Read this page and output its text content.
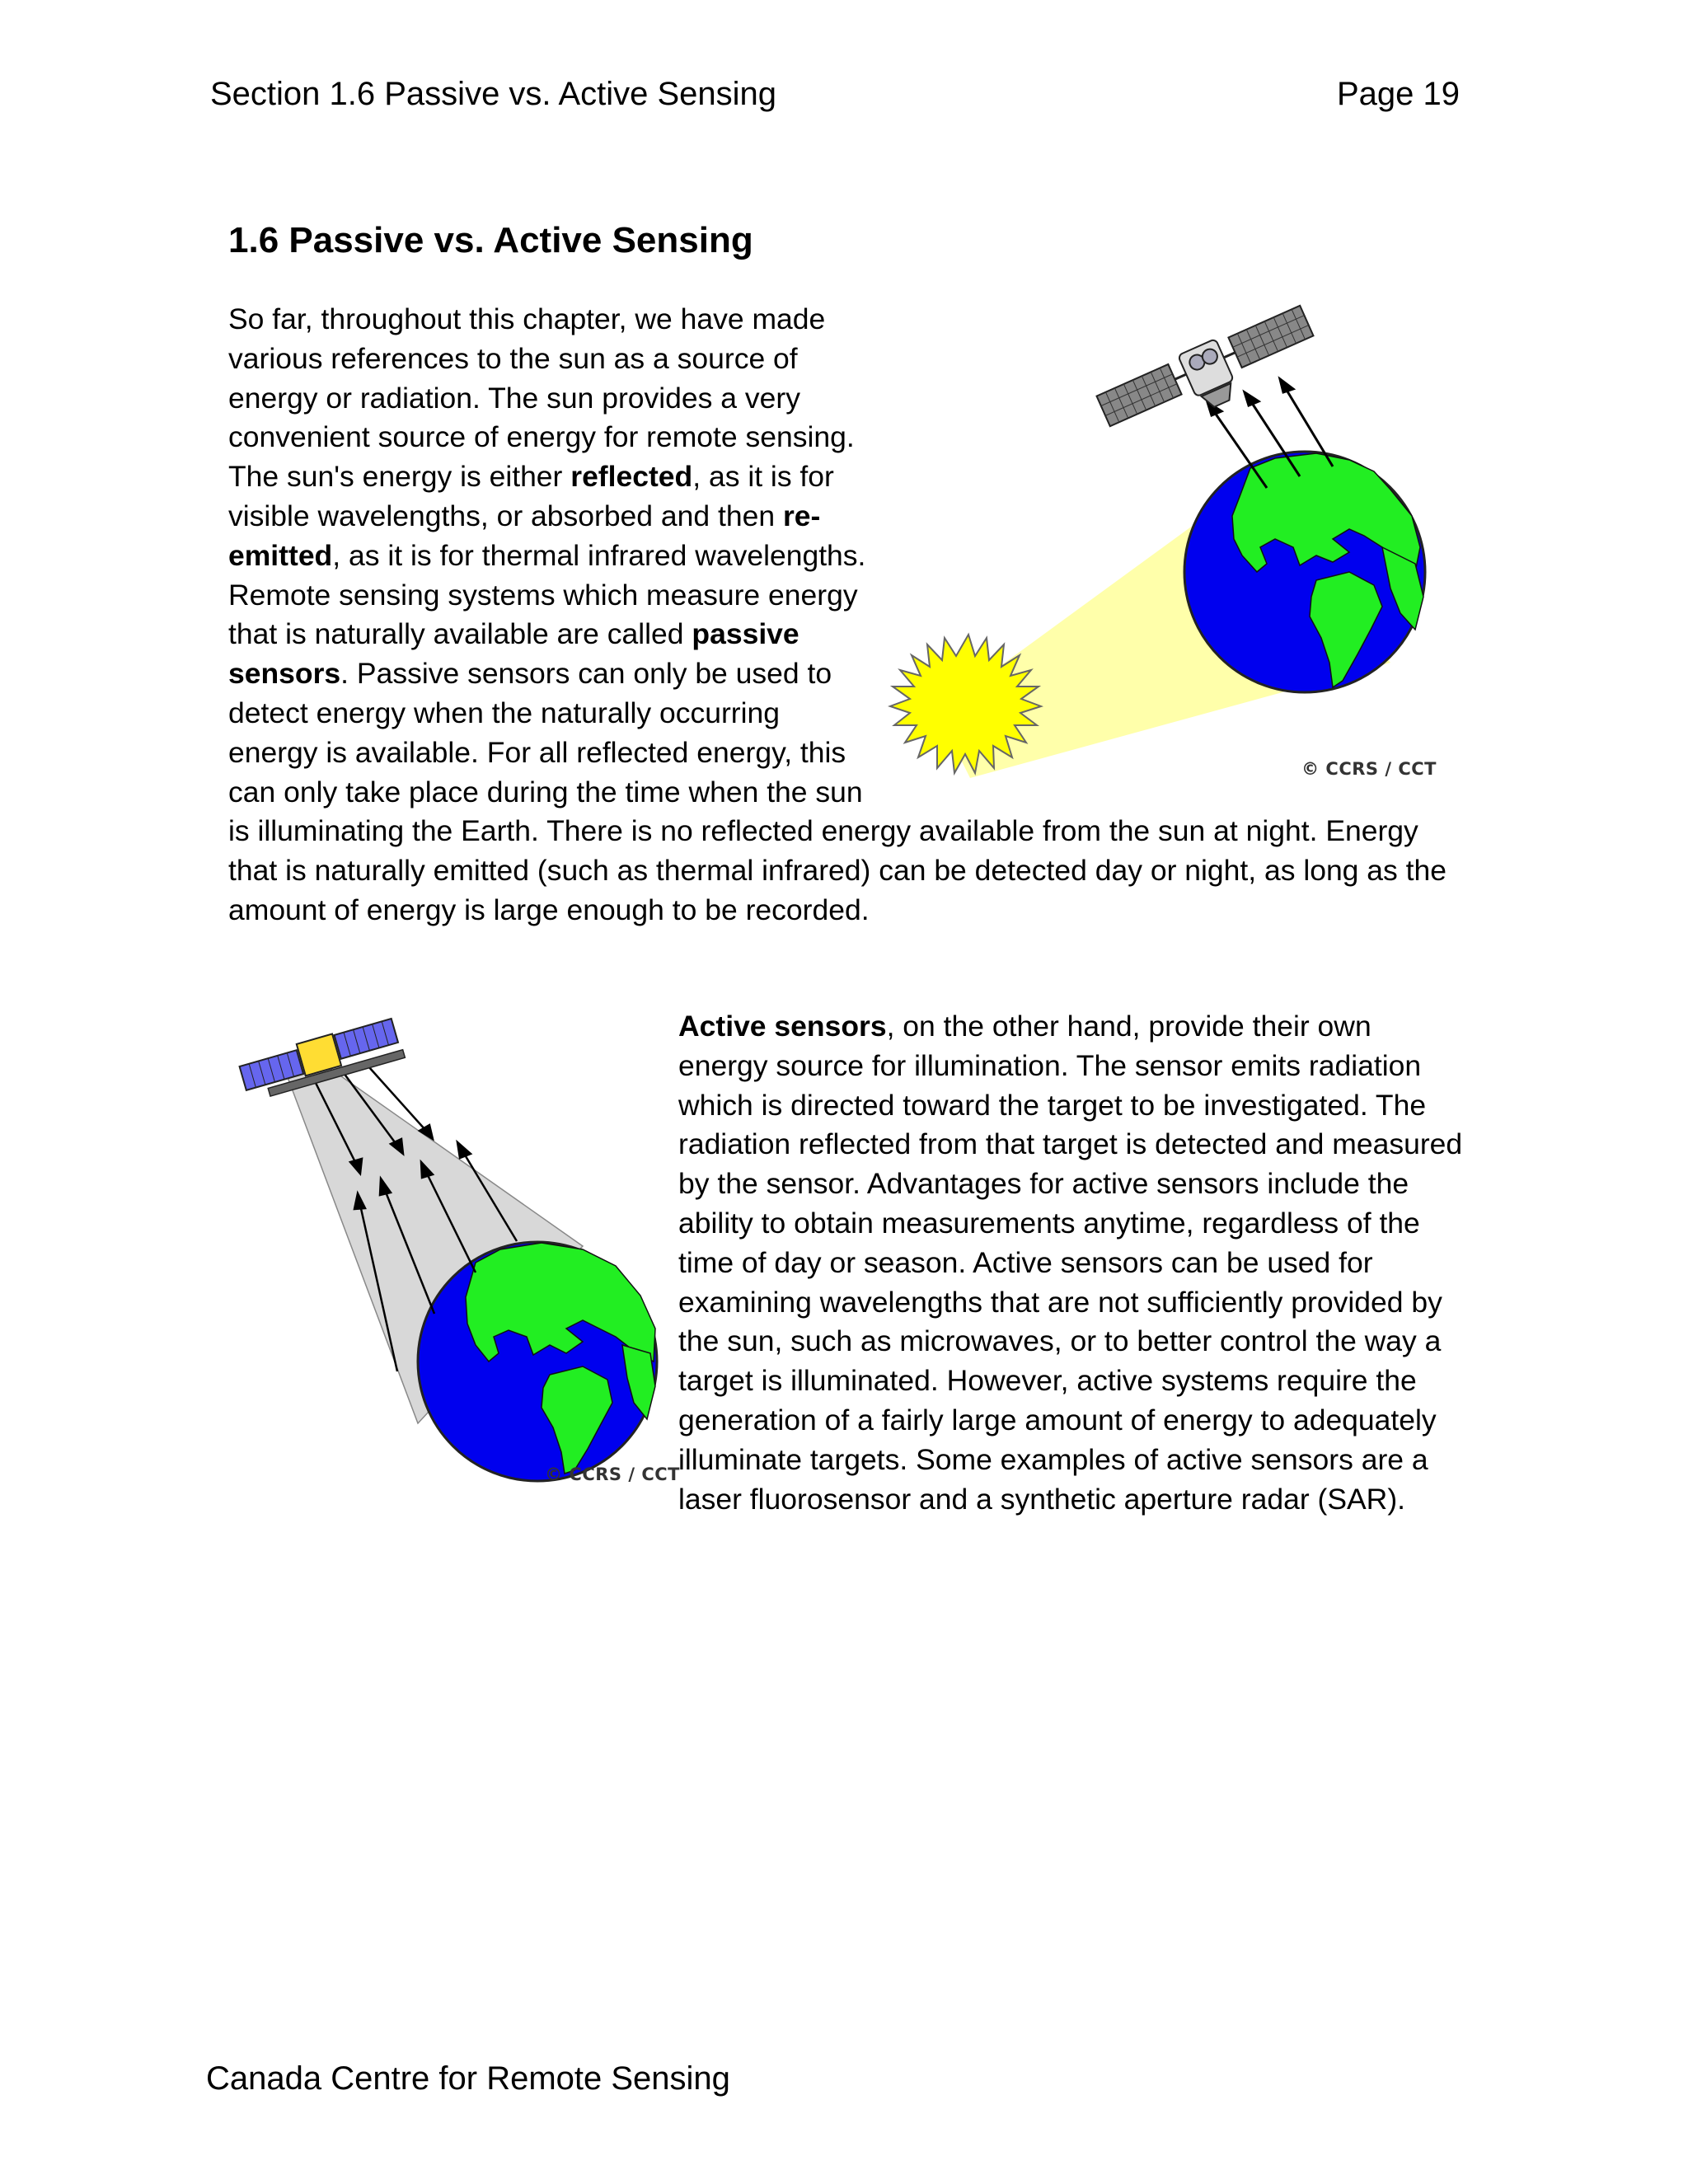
Section 1.6 Passive vs. Active Sensing	Page 19
1.6 Passive vs. Active Sensing
© CCRS / CCT
So far, throughout this chapter, we have made various references to the sun as a source of energy or radiation. The sun provides a very convenient source of energy for remote sensing. The sun's energy is either reflected, as it is for visible wavelengths, or absorbed and then re-emitted, as it is for thermal infrared wavelengths. Remote sensing systems which measure energy that is naturally available are called passive sensors. Passive sensors can only be used to detect energy when the naturally occurring energy is available. For all reflected energy, this can only take place during the time when the sun is illuminating the Earth. There is no reflected energy available from the sun at night. Energy that is naturally emitted (such as thermal infrared) can be detected day or night, as long as the amount of energy is large enough to be recorded.
© CCRS / CCT
Active sensors, on the other hand, provide their own energy source for illumination. The sensor emits radiation which is directed toward the target to be investigated. The radiation reflected from that target is detected and measured by the sensor. Advantages for active sensors include the ability to obtain measurements anytime, regardless of the time of day or season. Active sensors can be used for examining wavelengths that are not sufficiently provided by the sun, such as microwaves, or to better control the way a target is illuminated. However, active systems require the generation of a fairly large amount of energy to adequately illuminate targets. Some examples of active sensors are a laser fluorosensor and a synthetic aperture radar (SAR).
Canada Centre for Remote Sensing
